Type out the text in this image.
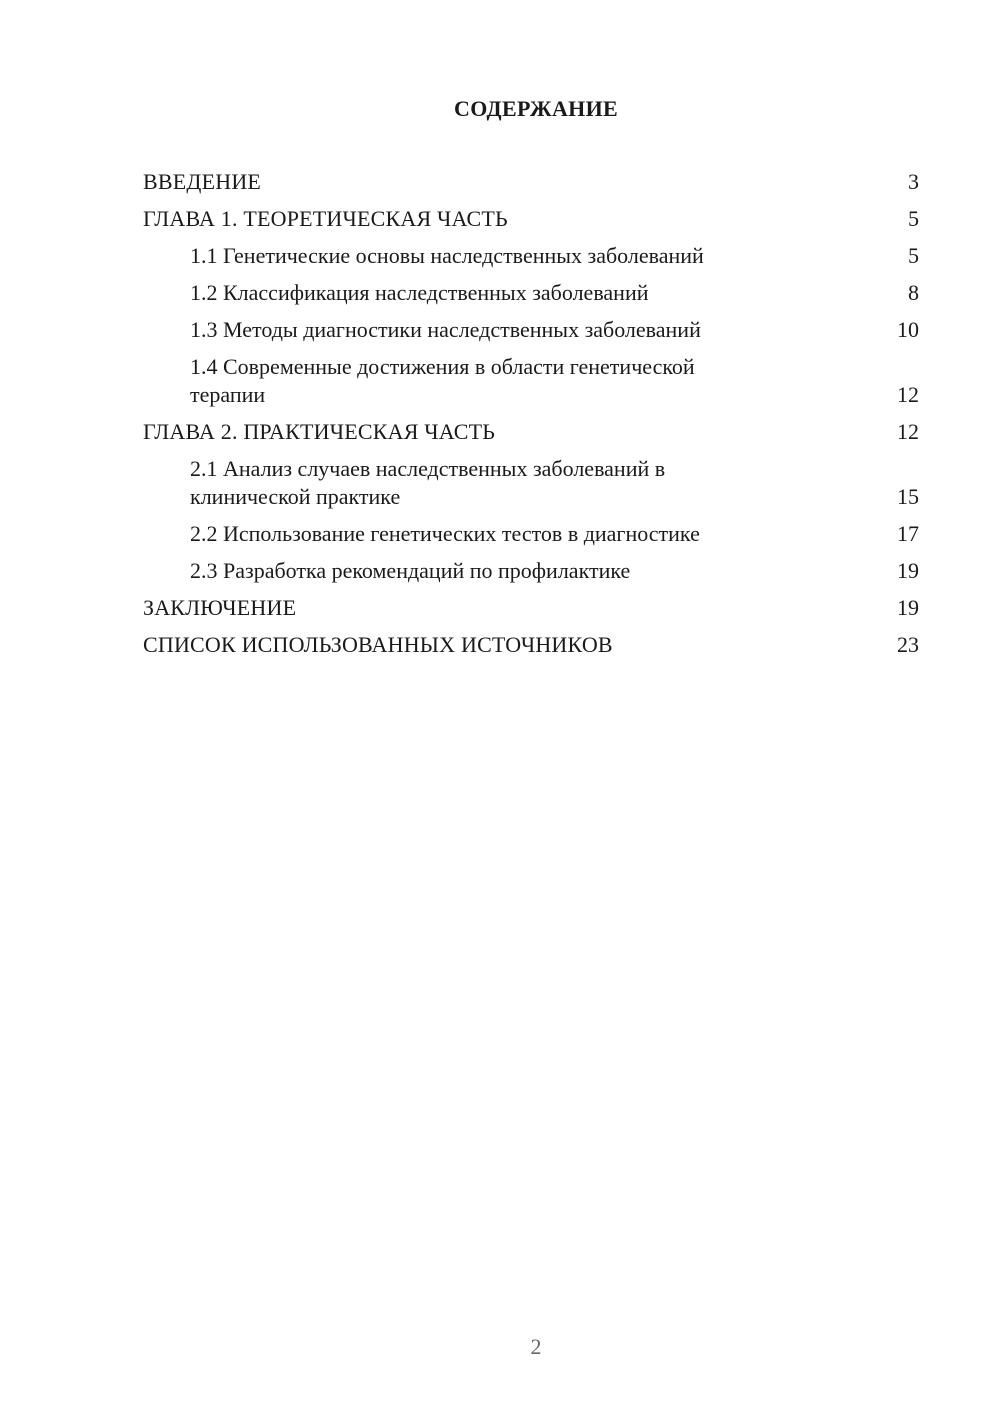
СОДЕРЖАНИЕ
ВВЕДЕНИЕ	3
ГЛАВА 1. ТЕОРЕТИЧЕСКАЯ ЧАСТЬ	5
1.1 Генетические основы наследственных заболеваний	5
1.2 Классификация наследственных заболеваний	8
1.3 Методы диагностики наследственных заболеваний	10
1.4 Современные достижения в области генетической терапии	12
ГЛАВА 2. ПРАКТИЧЕСКАЯ ЧАСТЬ	12
2.1 Анализ случаев наследственных заболеваний в клинической практике	15
2.2 Использование генетических тестов в диагностике	17
2.3 Разработка рекомендаций по профилактике	19
ЗАКЛЮЧЕНИЕ	19
СПИСОК ИСПОЛЬЗОВАННЫХ ИСТОЧНИКОВ	23
2
